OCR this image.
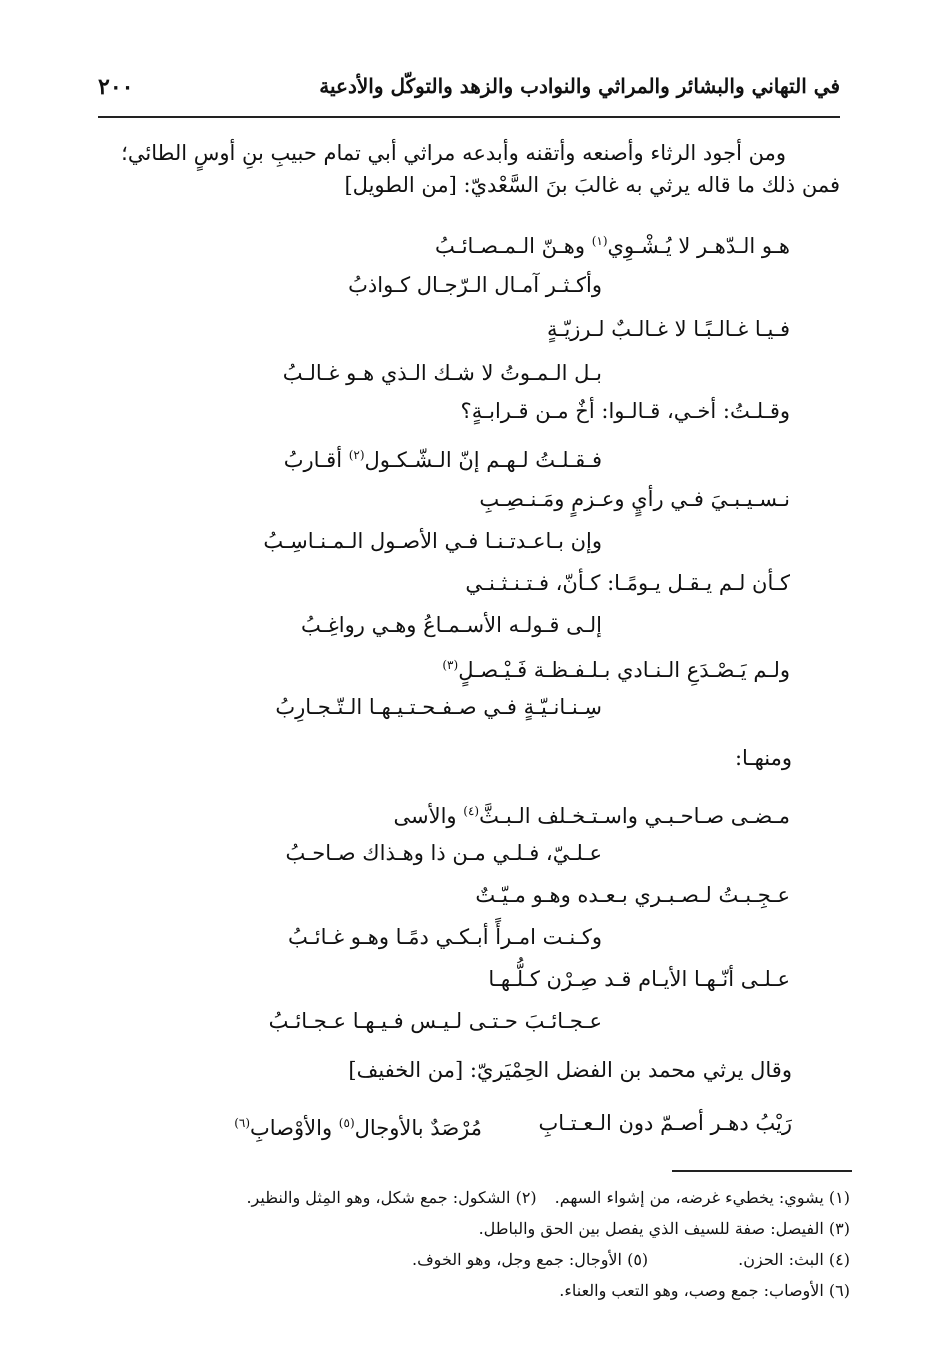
٢٠٠	في التهاني والبشائر والمراثي والنوادب والزهد والتوكّل والأدعية
ومن أجود الرثاء وأصنعه وأتقنه وأبدعه مراثي أبي تمام حبيبِ بنِ أوسٍ الطائي؛
فمن ذلك ما قاله يرثي به غالبَ بنَ السَّعْديّ: [من الطويل]
هـو الـدّهـر لا يُـشْـوِي$^{(١)}$ وهـنّ الـمـصـائـبُ
وأكـثـر آمـال الـرّجـال كـواذبُ
فـيـا غـالـبًـا لا غـالـبٌ لـرزيّـةٍ
بـل الـمـوتُ لا شـك الـذي هـو غـالـبُ
وقـلـتُ: أخـي، قـالـوا: أخٌ مـن قـرابـةٍ؟
فـقـلـتُ لـهـم إنّ الـشّـكـول$^{(٢)}$ أقـاربُ
نـسـيـبـيَ فـي رأيٍ وعـزمٍ ومَـنـصِـبِ
وإن بـاعـدتـنـا فـي الأصـول الـمـنـاسِـبُ
كـأن لـم يـقـل يـومًـا: كـأنّ، فـتـنـثـنـي
إلـى قـولـه الأسـمـاعُ وهـي رواغِـبُ
ولـم يَـصْـدَعِ الـنـادي بـلـفـظـة فَـيْـصـلٍ$^{(٣)}$
سِـنـانـيّـةٍ فـي صـفـحـتـيـهـا الـتّـجـارِبُ
ومنهـا:
مـضـى صـاحـبـي واسـتـخـلف الـبـثَّ$^{(٤)}$ والأسى
عـلـيّ، فـلـي مـن ذا وهـذاك صـاحـبُ
عـجِـبـتُ لـصـبـري بـعـده وهـو مـيّـتٌ
وكـنـت امـرأً أبـكـي دمًـا وهـو غـائـبُ
عـلـى أنّـهـا الأيـام قـد صِـرْن كـلُّـهـا
عـجـائـبَ حـتـى لـيـس فـيـهـا عـجـائـبُ
وقال يرثي محمد بن الفضل الحِمْيَريّ: [من الخفيف]
رَيْبُ دهـر أصـمّ دون الـعـتـابِ
مُرْصَدٌ بالأوجال$^{(٥)}$ والأوْصابِ$^{(٦)}$
(١) يشوي: يخطيء غرضه، من إشواء السهم.(٢) الشكول: جمع شكل، وهو المِثل والنظير.
(٣) الفيصل: صفة للسيف الذي يفصل بين الحق والباطل.
(٤) البث: الحزن.(٥) الأوجال: جمع وجل، وهو الخوف.
(٦) الأوصاب: جمع وصب، وهو التعب والعناء.
